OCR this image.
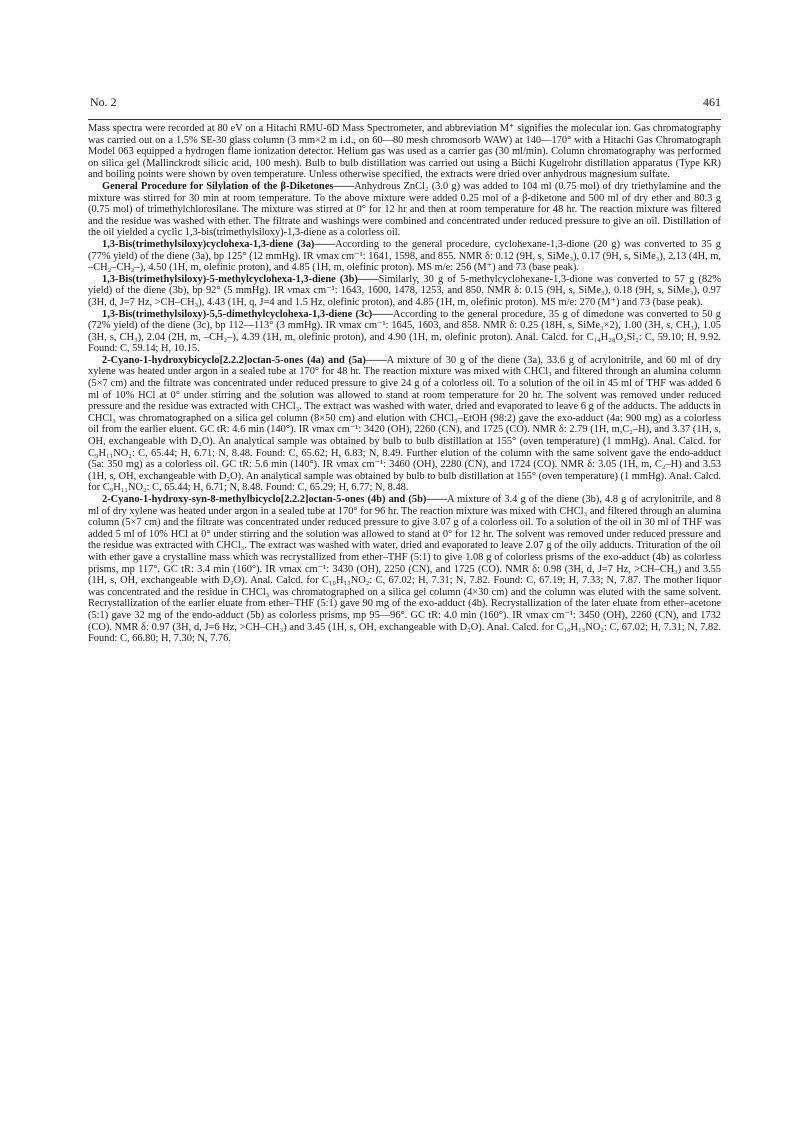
No. 2	461

Mass spectra were recorded at 80 eV on a Hitachi RMU-6D Mass Spectrometer, and abbreviation M⁺ signifies the molecular ion. Gas chromatography was carried out on a 1.5% SE-30 glass column (3 mm×2 m i.d., on 60—80 mesh chromosorb WAW) at 140—170° with a Hitachi Gas Chromatograph Model 063 equipped a hydrogen flame ionization detector. Helium gas was used as a carrier gas (30 ml/min). Column chromatography was performed on silica gel (Mallinckrodt silicic acid, 100 mesh). Bulb to bulb distillation was carried out using a Büchi Kugelrohr distillation apparatus (Type KR) and boiling points were shown by oven temperature. Unless otherwise specified, the extracts were dried over anhydrous magnesium sulfate.

General Procedure for Silylation of the β-Diketones——Anhydrous ZnCl₂ (3.0 g) was added to 104 ml (0.75 mol) of dry triethylamine and the mixture was stirred for 30 min at room temperature. To the above mixture were added 0.25 mol of a β-diketone and 500 ml of dry ether and 80.3 g (0.75 mol) of trimethylchlorosilane. The mixture was stirred at 0° for 12 hr and then at room temperature for 48 hr. The reaction mixture was filtered and the residue was washed with ether. The filtrate and washings were combined and concentrated under reduced pressure to give an oil. Distillation of the oil yielded a cyclic 1,3-bis(trimethylsiloxy)-1,3-diene as a colorless oil.

1,3-Bis(trimethylsiloxy)cyclohexa-1,3-diene (3a)——According to the general procedure, cyclohexane-1,3-dione (20 g) was converted to 35 g (77% yield) of the diene (3a), bp 125° (12 mmHg). IR νmax cm⁻¹: 1641, 1598, and 855. NMR δ: 0.12 (9H, s, SiMe₃), 0.17 (9H, s, SiMe₃), 2.13 (4H, m, –CH₂–CH₂–), 4.50 (1H, m, olefinic proton), and 4.85 (1H, m, olefinic proton). MS m/e: 256 (M⁺) and 73 (base peak).

1,3-Bis(trimethylsiloxy)-5-methylcyclohexa-1,3-diene (3b)——Similarly, 30 g of 5-methylcyclohexane-1,3-dione was converted to 57 g (82% yield) of the diene (3b), bp 92° (5 mmHg). IR νmax cm⁻¹: 1643, 1600, 1478, 1253, and 850. NMR δ: 0.15 (9H, s, SiMe₃), 0.18 (9H, s, SiMe₃), 0.97 (3H, d, J=7 Hz, >CH–CH₃), 4.43 (1H, q, J=4 and 1.5 Hz, olefinic proton), and 4.85 (1H, m, olefinic proton). MS m/e: 270 (M⁺) and 73 (base peak).

1,3-Bis(trimethylsiloxy)-5,5-dimethylcyclohexa-1,3-diene (3c)——According to the general procedure, 35 g of dimedone was converted to 50 g (72% yield) of the diene (3c), bp 112—113° (3 mmHg). IR νmax cm⁻¹: 1645, 1603, and 858. NMR δ: 0.25 (18H, s, SiMe₃×2), 1.00 (3H, s, CH₃), 1.05 (3H, s, CH₃), 2.04 (2H, m, –CH₂–), 4.39 (1H, m, olefinic proton), and 4.90 (1H, m, olefinic proton). Anal. Calcd. for C₁₄H₂₈O₂Si₂: C, 59.10; H, 9.92. Found: C, 59.14; H, 10.15.

2-Cyano-1-hydroxybicyclo[2.2.2]octan-5-ones (4a) and (5a)——A mixture of 30 g of the diene (3a), 33.6 g of acrylonitrile, and 60 ml of dry xylene was heated under argon in a sealed tube at 170° for 48 hr. The reaction mixture was mixed with CHCl₃ and filtered through an alumina column (5×7 cm) and the filtrate was concentrated under reduced pressure to give 24 g of a colorless oil. To a solution of the oil in 45 ml of THF was added 6 ml of 10% HCl at 0° under stirring and the solution was allowed to stand at room temperature for 20 hr. The solvent was removed under reduced pressure and the residue was extracted with CHCl₃. The extract was washed with water, dried and evaporated to leave 6 g of the adducts. The adducts in CHCl₃ was chromatographed on a silica gel column (8×50 cm) and elution with CHCl₃–EtOH (98:2) gave the exo-adduct (4a: 900 mg) as a colorless oil from the earlier eluent. GC tR: 4.6 min (140°). IR νmax cm⁻¹: 3420 (OH), 2260 (CN), and 1725 (CO). NMR δ: 2.79 (1H, m,C₂–H), and 3.37 (1H, s, OH, exchangeable with D₂O). An analytical sample was obtained by bulb to bulb distillation at 155° (oven temperature) (1 mmHg). Anal. Calcd. for C₉H₁₁NO₂: C, 65.44; H, 6.71; N, 8.48. Found: C, 65.62; H, 6.83; N, 8.49. Further elution of the column with the same solvent gave the endo-adduct (5a: 350 mg) as a colorless oil. GC tR: 5.6 min (140°). IR νmax cm⁻¹: 3460 (OH), 2280 (CN), and 1724 (CO). NMR δ: 3.05 (1H, m, C₂–H) and 3.53 (1H, s, OH, exchangeable with D₂O). An analytical sample was obtained by bulb to bulb distillation at 155° (oven temperature) (1 mmHg). Anal. Calcd. for C₉H₁₁NO₂: C, 65.44; H, 6.71; N, 8.48. Found: C, 65.29; H, 6.77; N, 8.48.

2-Cyano-1-hydroxy-syn-8-methylbicyclo[2.2.2]octan-5-ones (4b) and (5b)——A mixture of 3.4 g of the diene (3b), 4.8 g of acrylonitrile, and 8 ml of dry xylene was heated under argon in a sealed tube at 170° for 96 hr. The reaction mixture was mixed with CHCl₃ and filtered through an alumina column (5×7 cm) and the filtrate was concentrated under reduced pressure to give 3.07 g of a colorless oil. To a solution of the oil in 30 ml of THF was added 5 ml of 10% HCl at 0° under stirring and the solution was allowed to stand at 0° for 12 hr. The solvent was removed under reduced pressure and the residue was extracted with CHCl₃. The extract was washed with water, dried and evaporated to leave 2.07 g of the oily adducts. Trituration of the oil with ether gave a crystalline mass which was recrystallized from ether–THF (5:1) to give 1.08 g of colorless prisms of the exo-adduct (4b) as colorless prisms, mp 117°. GC tR: 3.4 min (160°). IR νmax cm⁻¹: 3430 (OH), 2250 (CN), and 1725 (CO). NMR δ: 0.98 (3H, d, J=7 Hz, >CH–CH₃) and 3.55 (1H, s, OH, exchangeable with D₂O). Anal. Calcd. for C₁₀H₁₃NO₂: C, 67.02; H, 7.31; N, 7.82. Found: C, 67.19; H, 7.33; N, 7.87. The mother liquor was concentrated and the residue in CHCl₃ was chromatographed on a silica gel column (4×30 cm) and the column was eluted with the same solvent. Recrystallization of the earlier eluate from ether–THF (5:1) gave 90 mg of the exo-adduct (4b). Recrystallization of the later eluate from ether–acetone (5:1) gave 32 mg of the endo-adduct (5b) as colorless prisms, mp 95—96°. GC tR: 4.0 min (160°). IR νmax cm⁻¹: 3450 (OH), 2260 (CN), and 1732 (CO). NMR δ: 0.97 (3H, d, J=6 Hz, >CH–CH₃) and 3.45 (1H, s, OH, exchangeable with D₂O). Anal. Calcd. for C₁₀H₁₃NO₂: C, 67.02; H, 7.31; N, 7.82. Found: C, 66.80; H, 7.30; N, 7.76.
